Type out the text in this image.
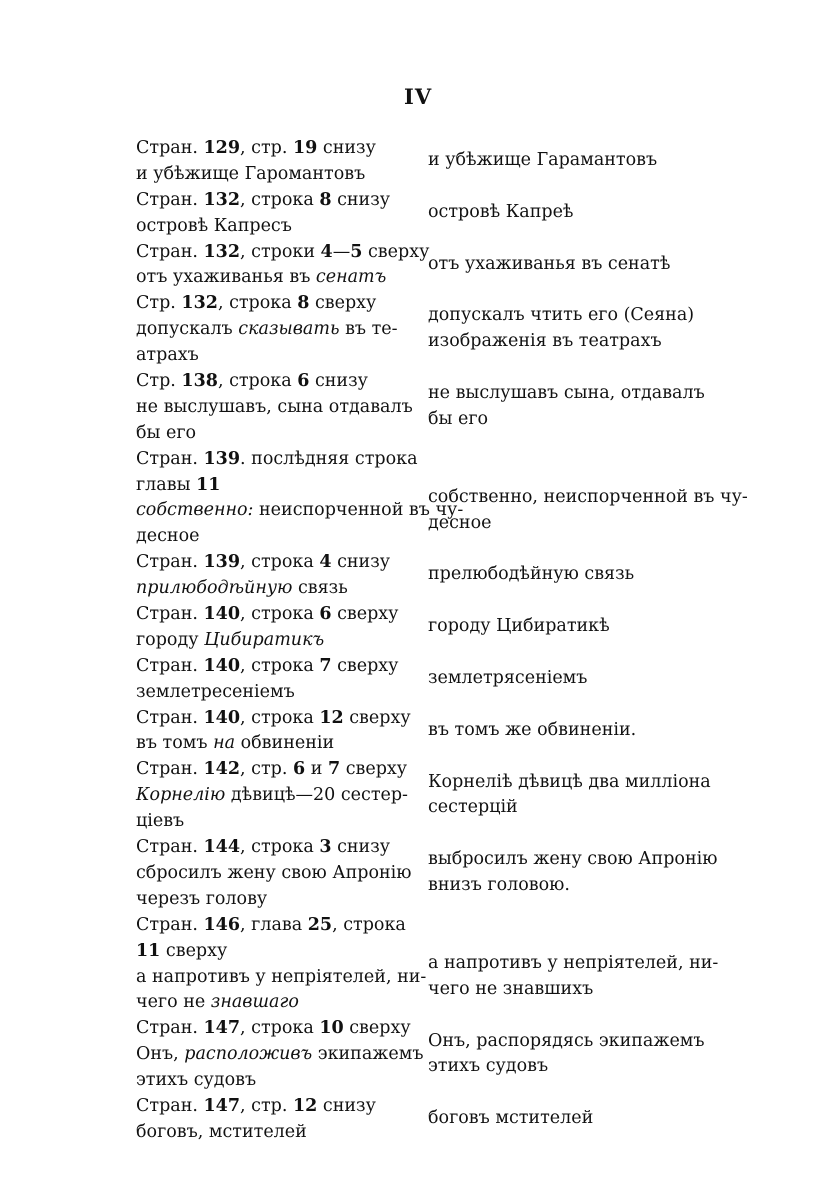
IV
Стран. 129, стр. 19 снизу
и убѣжище Гаромантовъ
Стран. 132, строка 8 снизу
островѣ Капресъ
Стран. 132, строки 4—5 сверху
отъ ухаживанья въ сенатъ
Стр. 132, строка 8 сверху
допускалъ сказывать въ те-
атрахъ
Стр. 138, строка 6 снизу
не выслушавъ, сына отдавалъ
бы его
Стран. 139. послѣдняя строка
главы 11
собственно: неиспорченной въ чу-
десное
Стран. 139, строка 4 снизу
прилюбодѣйную связь
Стран. 140, строка 6 сверху
городу Цибиратикъ
Стран. 140, строка 7 сверху
землетресеніемъ
Стран. 140, строка 12 сверху
въ томъ на обвиненіи
Стран. 142, стр. 6 и 7 сверху
Корнелію дѣвицѣ—20 сестер-
ціевъ
Стран. 144, строка 3 снизу
сбросилъ жену свою Апронію
черезъ голову
Стран. 146, глава 25, строка
11 сверху
а напротивъ у непріятелей, ни-
чего не знавшаго
Стран. 147, строка 10 сверху
Онъ, расположивъ экипажемъ
этихъ судовъ
Стран. 147, стр. 12 снизу
боговъ, мстителей
и убѣжище Гарамантовъ
островѣ Капреѣ
отъ ухаживанья въ сенатѣ
допускалъ чтить его (Сеяна)
изображенія въ театрахъ
не выслушавъ сына, отдавалъ
бы его
собственно, неиспорченной въ чу-
десное
прелюбодѣйную связь
городу Цибиратикѣ
землетрясеніемъ
въ томъ же обвиненіи.
Корнеліѣ дѣвицѣ два милліона
сестерцій
выбросилъ жену свою Апронію
внизъ головою.
а напротивъ у непріятелей, ни-
чего не знавшихъ
Онъ, распорядясь экипажемъ
этихъ судовъ
боговъ мстителей
